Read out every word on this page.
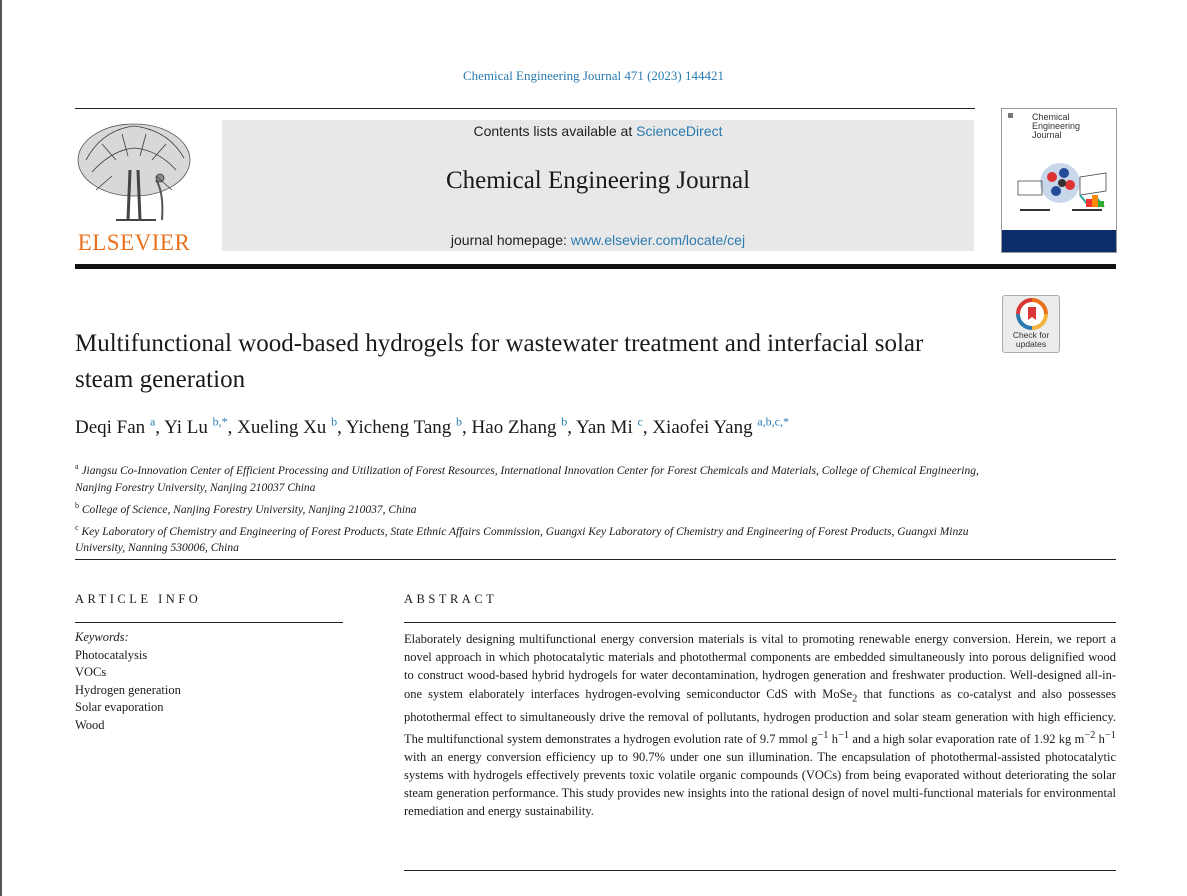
Chemical Engineering Journal 471 (2023) 144421
ELSEVIER
Contents lists available at ScienceDirect
Chemical Engineering Journal
journal homepage: www.elsevier.com/locate/cej
Chemical
Engineering
Journal
Check for
updates
Multifunctional wood-based hydrogels for wastewater treatment and interfacial solar steam generation
Deqi Fan $^a$, Yi Lu $^{b,*}$, Xueling Xu $^b$, Yicheng Tang $^b$, Hao Zhang $^b$, Yan Mi $^c$, Xiaofei Yang $^{a,b,c,*}$
$^a$ Jiangsu Co-Innovation Center of Efficient Processing and Utilization of Forest Resources, International Innovation Center for Forest Chemicals and Materials, College of Chemical Engineering, Nanjing Forestry University, Nanjing 210037 China
$^b$ College of Science, Nanjing Forestry University, Nanjing 210037, China
$^c$ Key Laboratory of Chemistry and Engineering of Forest Products, State Ethnic Affairs Commission, Guangxi Key Laboratory of Chemistry and Engineering of Forest Products, Guangxi Minzu University, Nanning 530006, China
ARTICLE INFO	ABSTRACT
Keywords:
Photocatalysis
VOCs
Hydrogen generation
Solar evaporation
Wood
Elaborately designing multifunctional energy conversion materials is vital to promoting renewable energy conversion. Herein, we report a novel approach in which photocatalytic materials and photothermal components are embedded simultaneously into porous delignified wood to construct wood-based hybrid hydrogels for water decontamination, hydrogen generation and freshwater production. Well-designed all-in-one system elaborately interfaces hydrogen-evolving semiconductor CdS with MoSe$_2$ that functions as co-catalyst and also possesses photothermal effect to simultaneously drive the removal of pollutants, hydrogen production and solar steam generation with high efficiency. The multifunctional system demonstrates a hydrogen evolution rate of 9.7 mmol $g^{-1}$ $h^{-1}$ and a high solar evaporation rate of 1.92 kg $m^{-2}$ $h^{-1}$ with an energy conversion efficiency up to 90.7% under one sun illumination. The encapsulation of photothermal-assisted photocatalytic systems with hydrogels effectively prevents toxic volatile organic compounds (VOCs) from being evaporated without deteriorating the solar steam generation performance. This study provides new insights into the rational design of novel multi-functional materials for environmental remediation and energy sustainability.
